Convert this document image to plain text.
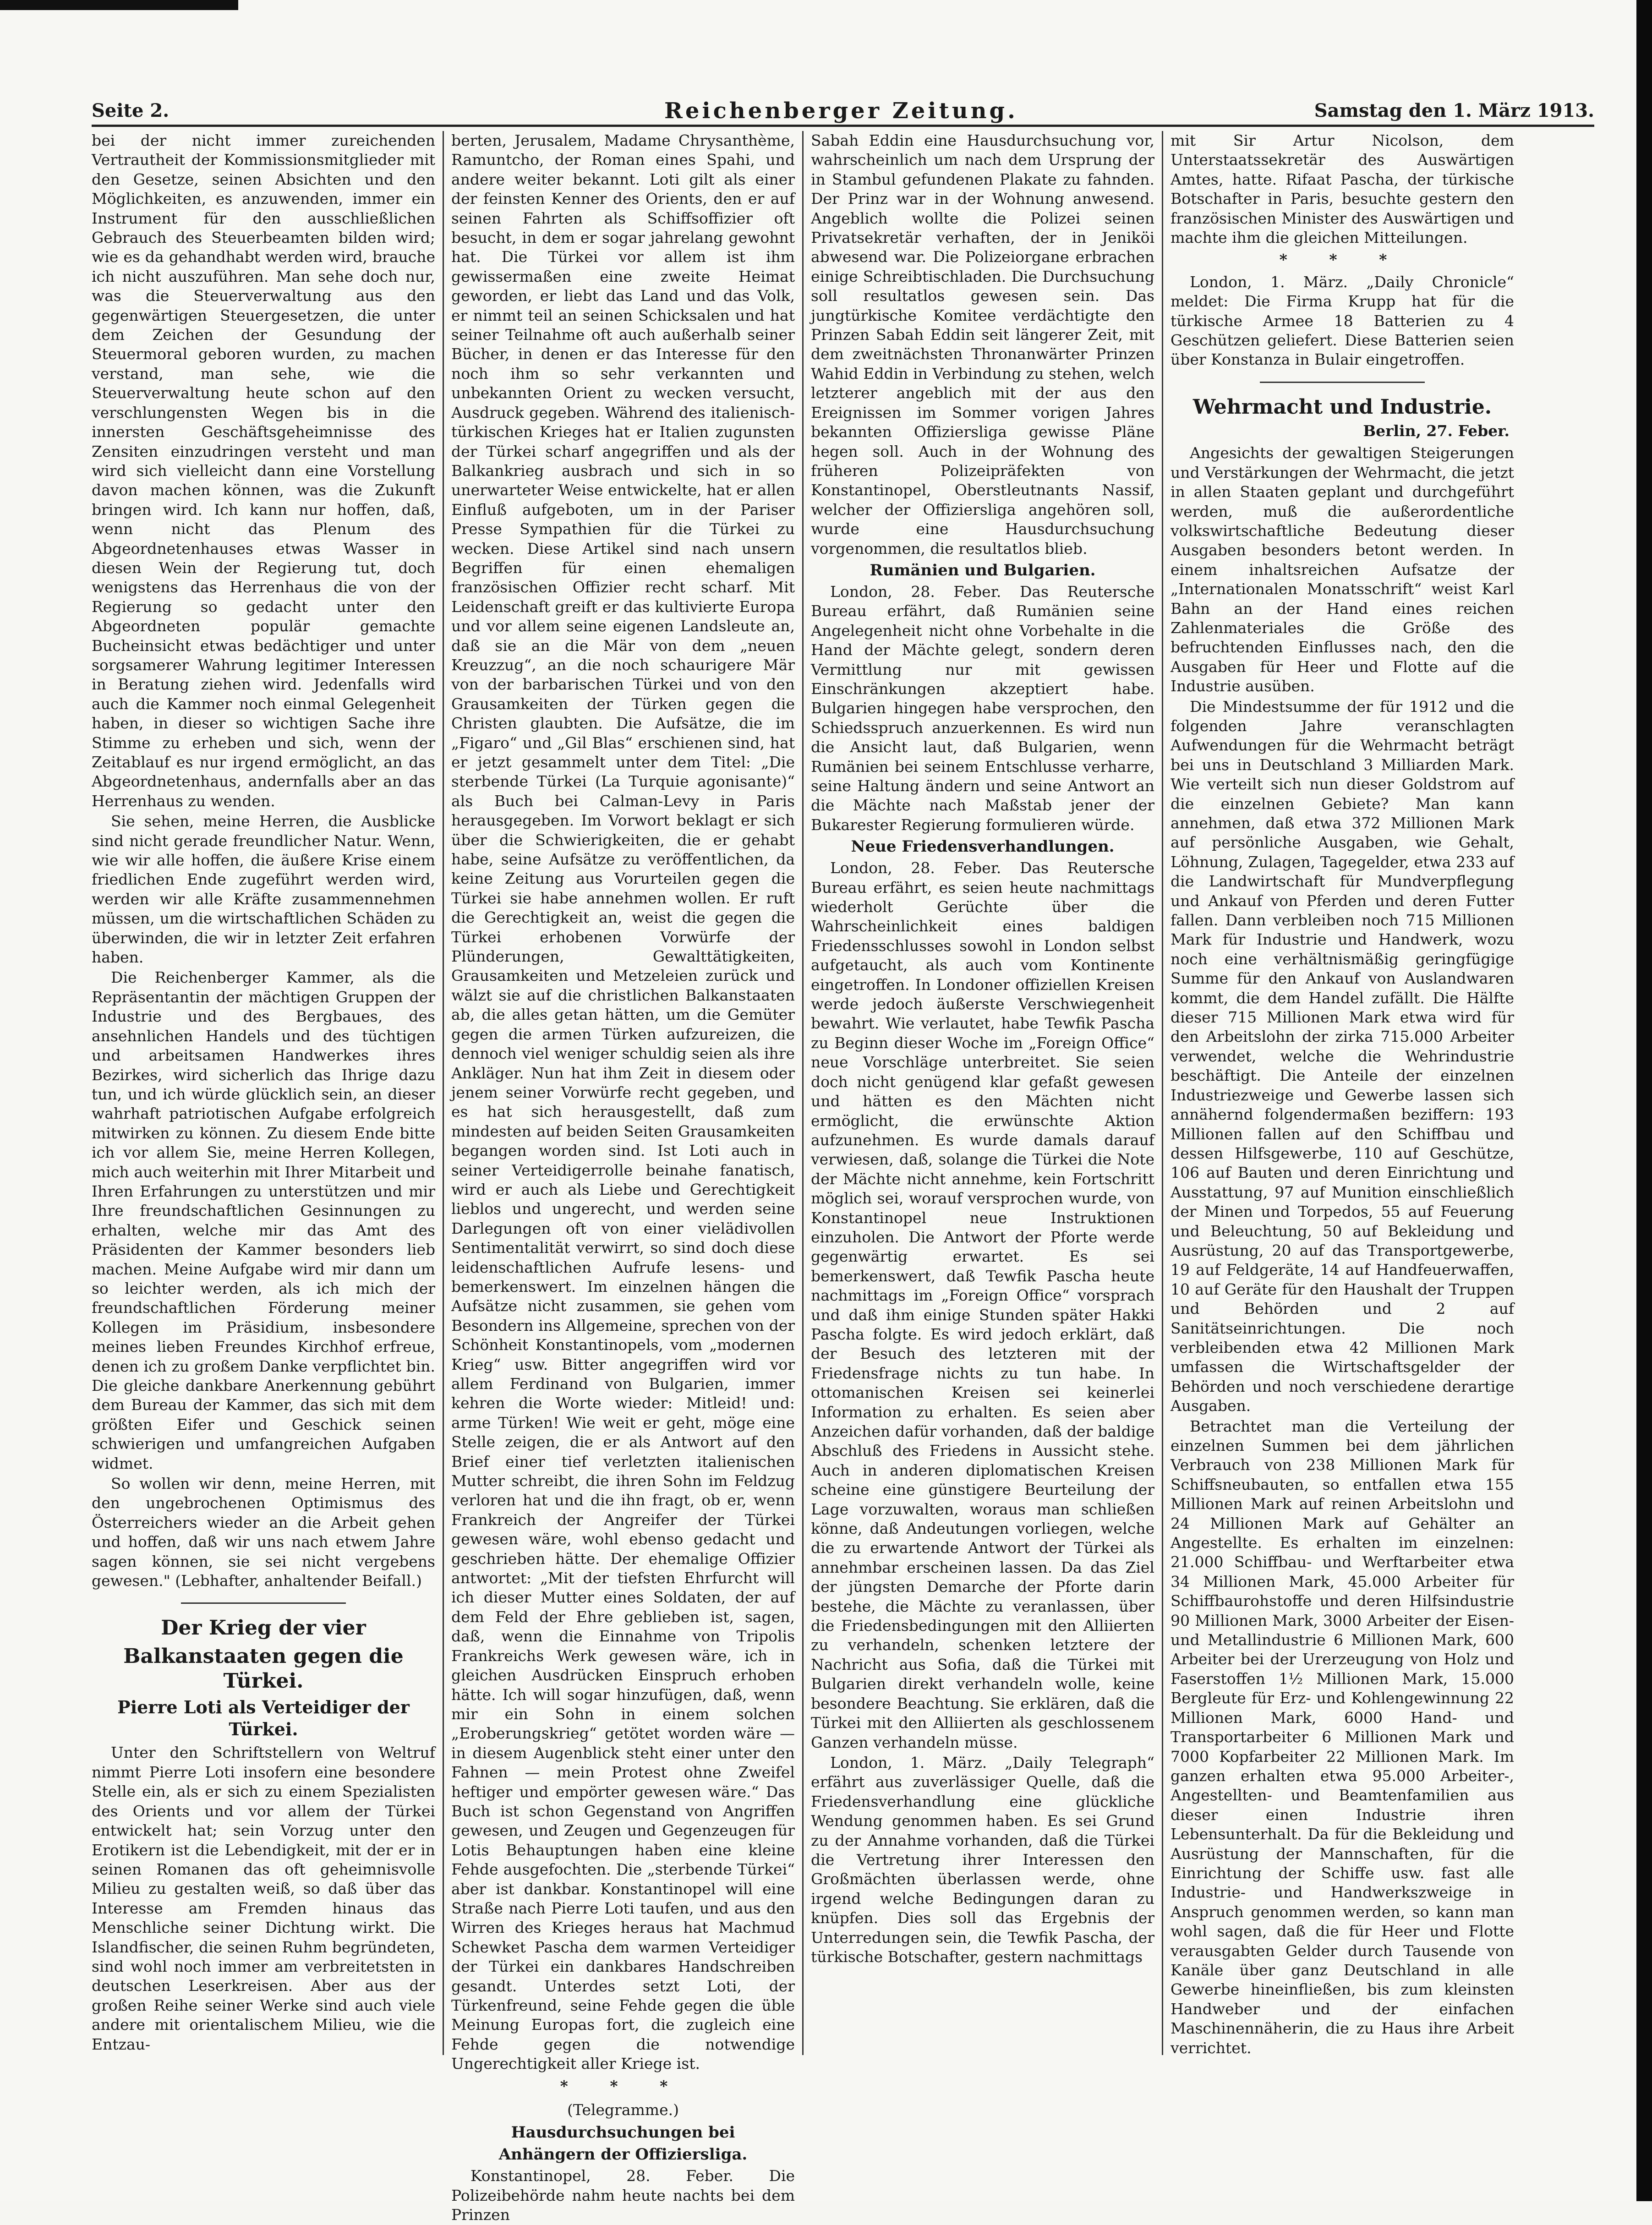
Seite 2.	Reichenberger Zeitung.	Samstag den 1. März 1913.

bei der nicht immer zureichenden Vertrautheit der Kommissionsmitglieder mit den Gesetze, seinen Absichten und den Möglichkeiten, es anzuwenden, immer ein Instrument für den ausschließlichen Gebrauch des Steuerbeamten bilden wird; wie es da gehandhabt werden wird, brauche ich nicht auszuführen. Man sehe doch nur, was die Steuerverwaltung aus den gegenwärtigen Steuergesetzen, die unter dem Zeichen der Gesundung der Steuermoral geboren wurden, zu machen verstand, man sehe, wie die Steuerverwaltung heute schon auf den verschlungensten Wegen bis in die innersten Geschäftsgeheimnisse des Zensiten einzudringen versteht und man wird sich vielleicht dann eine Vorstellung davon machen können, was die Zukunft bringen wird. Ich kann nur hoffen, daß, wenn nicht das Plenum des Abgeordnetenhauses etwas Wasser in diesen Wein der Regierung tut, doch wenigstens das Herrenhaus die von der Regierung so gedacht unter den Abgeordneten populär gemachte Bucheinsicht etwas bedächtiger und unter sorgsamerer Wahrung legitimer Interessen in Beratung ziehen wird. Jedenfalls wird auch die Kammer noch einmal Gelegenheit haben, in dieser so wichtigen Sache ihre Stimme zu erheben und sich, wenn der Zeitablauf es nur irgend ermöglicht, an das Abgeordnetenhaus, andernfalls aber an das Herrenhaus zu wenden.

Sie sehen, meine Herren, die Ausblicke sind nicht gerade freundlicher Natur. Wenn, wie wir alle hoffen, die äußere Krise einem friedlichen Ende zugeführt werden wird, werden wir alle Kräfte zusammennehmen müssen, um die wirtschaftlichen Schäden zu überwinden, die wir in letzter Zeit erfahren haben.

Die Reichenberger Kammer, als die Repräsentantin der mächtigen Gruppen der Industrie und des Bergbaues, des ansehnlichen Handels und des tüchtigen und arbeitsamen Handwerkes ihres Bezirkes, wird sicherlich das Ihrige dazu tun, und ich würde glücklich sein, an dieser wahrhaft patriotischen Aufgabe erfolgreich mitwirken zu können. Zu diesem Ende bitte ich vor allem Sie, meine Herren Kollegen, mich auch weiterhin mit Ihrer Mitarbeit und Ihren Erfahrungen zu unterstützen und mir Ihre freundschaftlichen Gesinnungen zu erhalten, welche mir das Amt des Präsidenten der Kammer besonders lieb machen. Meine Aufgabe wird mir dann um so leichter werden, als ich mich der freundschaftlichen Förderung meiner Kollegen im Präsidium, insbesondere meines lieben Freundes Kirchhof erfreue, denen ich zu großem Danke verpflichtet bin. Die gleiche dankbare Anerkennung gebührt dem Bureau der Kammer, das sich mit dem größten Eifer und Geschick seinen schwierigen und umfangreichen Aufgaben widmet.

So wollen wir denn, meine Herren, mit den ungebrochenen Optimismus des Österreichers wieder an die Arbeit gehen und hoffen, daß wir uns nach etwem Jahre sagen können, sie sei nicht vergebens gewesen." (Lebhafter, anhaltender Beifall.)

Der Krieg der vier
Balkanstaaten gegen die Türkei.
Pierre Loti als Verteidiger der Türkei.

Unter den Schriftstellern von Weltruf nimmt Pierre Loti insofern eine besondere Stelle ein, als er sich zu einem Spezialisten des Orients und vor allem der Türkei entwickelt hat; sein Vorzug unter den Erotikern ist die Lebendigkeit, mit der er in seinen Romanen das oft geheimnisvolle Milieu zu gestalten weiß, so daß über das Interesse am Fremden hinaus das Menschliche seiner Dichtung wirkt. Die Islandfischer, die seinen Ruhm begründeten, sind wohl noch immer am verbreitetsten in deutschen Leserkreisen. Aber aus der großen Reihe seiner Werke sind auch viele andere mit orientalischem Milieu, wie die Entzau-

berten, Jerusalem, Madame Chrysanthème, Ramuntcho, der Roman eines Spahi, und andere weiter bekannt. Loti gilt als einer der feinsten Kenner des Orients, den er auf seinen Fahrten als Schiffsoffizier oft besucht, in dem er sogar jahrelang gewohnt hat. Die Türkei vor allem ist ihm gewissermaßen eine zweite Heimat geworden, er liebt das Land und das Volk, er nimmt teil an seinen Schicksalen und hat seiner Teilnahme oft auch außerhalb seiner Bücher, in denen er das Interesse für den noch ihm so sehr verkannten und unbekannten Orient zu wecken versucht, Ausdruck gegeben. Während des italienisch-türkischen Krieges hat er Italien zugunsten der Türkei scharf angegriffen und als der Balkankrieg ausbrach und sich in so unerwarteter Weise entwickelte, hat er allen Einfluß aufgeboten, um in der Pariser Presse Sympathien für die Türkei zu wecken. Diese Artikel sind nach unsern Begriffen für einen ehemaligen französischen Offizier recht scharf. Mit Leidenschaft greift er das kultivierte Europa und vor allem seine eigenen Landsleute an, daß sie an die Mär von dem „neuen Kreuzzug“, an die noch schaurigere Mär von der barbarischen Türkei und von den Grausamkeiten der Türken gegen die Christen glaubten. Die Aufsätze, die im „Figaro“ und „Gil Blas“ erschienen sind, hat er jetzt gesammelt unter dem Titel: „Die sterbende Türkei (La Turquie agonisante)“ als Buch bei Calman-Levy in Paris herausgegeben. Im Vorwort beklagt er sich über die Schwierigkeiten, die er gehabt habe, seine Aufsätze zu veröffentlichen, da keine Zeitung aus Vorurteilen gegen die Türkei sie habe annehmen wollen. Er ruft die Gerechtigkeit an, weist die gegen die Türkei erhobenen Vorwürfe der Plünderungen, Gewalttätigkeiten, Grausamkeiten und Metzeleien zurück und wälzt sie auf die christlichen Balkanstaaten ab, die alles getan hätten, um die Gemüter gegen die armen Türken aufzureizen, die dennoch viel weniger schuldig seien als ihre Ankläger. Nun hat ihm Zeit in diesem oder jenem seiner Vorwürfe recht gegeben, und es hat sich herausgestellt, daß zum mindesten auf beiden Seiten Grausamkeiten begangen worden sind. Ist Loti auch in seiner Verteidigerrolle beinahe fanatisch, wird er auch als Liebe und Gerechtigkeit lieblos und ungerecht, und werden seine Darlegungen oft von einer vielädivollen Sentimentalität verwirrt, so sind doch diese leidenschaftlichen Aufrufe lesens- und bemerkenswert. Im einzelnen hängen die Aufsätze nicht zusammen, sie gehen vom Besondern ins Allgemeine, sprechen von der Schönheit Konstantinopels, vom „modernen Krieg“ usw. Bitter angegriffen wird vor allem Ferdinand von Bulgarien, immer kehren die Worte wieder: Mitleid! und: arme Türken! Wie weit er geht, möge eine Stelle zeigen, die er als Antwort auf den Brief einer tief verletzten italienischen Mutter schreibt, die ihren Sohn im Feldzug verloren hat und die ihn fragt, ob er, wenn Frankreich der Angreifer der Türkei gewesen wäre, wohl ebenso gedacht und geschrieben hätte. Der ehemalige Offizier antwortet: „Mit der tiefsten Ehrfurcht will ich dieser Mutter eines Soldaten, der auf dem Feld der Ehre geblieben ist, sagen, daß, wenn die Einnahme von Tripolis Frankreichs Werk gewesen wäre, ich in gleichen Ausdrücken Einspruch erhoben hätte. Ich will sogar hinzufügen, daß, wenn mir ein Sohn in einem solchen „Eroberungskrieg“ getötet worden wäre — in diesem Augenblick steht einer unter den Fahnen — mein Protest ohne Zweifel heftiger und empörter gewesen wäre.“ Das Buch ist schon Gegenstand von Angriffen gewesen, und Zeugen und Gegenzeugen für Lotis Behauptungen haben eine kleine Fehde ausgefochten. Die „sterbende Türkei“ aber ist dankbar. Konstantinopel will eine Straße nach Pierre Loti taufen, und aus den Wirren des Krieges heraus hat Machmud Schewket Pascha dem warmen Verteidiger der Türkei ein dankbares Handschreiben gesandt. Unterdes setzt Loti, der Türkenfreund, seine Fehde gegen die üble Meinung Europas fort, die zugleich eine Fehde gegen die notwendige Ungerechtigkeit aller Kriege ist.

* * *
(Telegramme.)
Hausdurchsuchungen bei
Anhängern der Offiziersliga.

Konstantinopel, 28. Feber. Die Polizeibehörde nahm heute nachts bei dem Prinzen

Sabah Eddin eine Hausdurchsuchung vor, wahrscheinlich um nach dem Ursprung der in Stambul gefundenen Plakate zu fahnden. Der Prinz war in der Wohnung anwesend. Angeblich wollte die Polizei seinen Privatsekretär verhaften, der in Jeniköi abwesend war. Die Polizeiorgane erbrachen einige Schreibtischladen. Die Durchsuchung soll resultatlos gewesen sein. Das jungtürkische Komitee verdächtigte den Prinzen Sabah Eddin seit längerer Zeit, mit dem zweitnächsten Thronanwärter Prinzen Wahid Eddin in Verbindung zu stehen, welch letzterer angeblich mit der aus den Ereignissen im Sommer vorigen Jahres bekannten Offiziersliga gewisse Pläne hegen soll. Auch in der Wohnung des früheren Polizeipräfekten von Konstantinopel, Oberstleutnants Nassif, welcher der Offiziersliga angehören soll, wurde eine Hausdurchsuchung vorgenommen, die resultatlos blieb.

Rumänien und Bulgarien.

London, 28. Feber. Das Reutersche Bureau erfährt, daß Rumänien seine Angelegenheit nicht ohne Vorbehalte in die Hand der Mächte gelegt, sondern deren Vermittlung nur mit gewissen Einschränkungen akzeptiert habe. Bulgarien hingegen habe versprochen, den Schiedsspruch anzuerkennen. Es wird nun die Ansicht laut, daß Bulgarien, wenn Rumänien bei seinem Entschlusse verharre, seine Haltung ändern und seine Antwort an die Mächte nach Maßstab jener der Bukarester Regierung formulieren würde.

Neue Friedensverhandlungen.

London, 28. Feber. Das Reutersche Bureau erfährt, es seien heute nachmittags wiederholt Gerüchte über die Wahrscheinlichkeit eines baldigen Friedensschlusses sowohl in London selbst aufgetaucht, als auch vom Kontinente eingetroffen. In Londoner offiziellen Kreisen werde jedoch äußerste Verschwiegenheit bewahrt. Wie verlautet, habe Tewfik Pascha zu Beginn dieser Woche im „Foreign Office“ neue Vorschläge unterbreitet. Sie seien doch nicht genügend klar gefaßt gewesen und hätten es den Mächten nicht ermöglicht, die erwünschte Aktion aufzunehmen. Es wurde damals darauf verwiesen, daß, solange die Türkei die Note der Mächte nicht annehme, kein Fortschritt möglich sei, worauf versprochen wurde, von Konstantinopel neue Instruktionen einzuholen. Die Antwort der Pforte werde gegenwärtig erwartet. Es sei bemerkenswert, daß Tewfik Pascha heute nachmittags im „Foreign Office“ vorsprach und daß ihm einige Stunden später Hakki Pascha folgte. Es wird jedoch erklärt, daß der Besuch des letzteren mit der Friedensfrage nichts zu tun habe. In ottomanischen Kreisen sei keinerlei Information zu erhalten. Es seien aber Anzeichen dafür vorhanden, daß der baldige Abschluß des Friedens in Aussicht stehe. Auch in anderen diplomatischen Kreisen scheine eine günstigere Beurteilung der Lage vorzuwalten, woraus man schließen könne, daß Andeutungen vorliegen, welche die zu erwartende Antwort der Türkei als annehmbar erscheinen lassen. Da das Ziel der jüngsten Demarche der Pforte darin bestehe, die Mächte zu veranlassen, über die Friedensbedingungen mit den Alliierten zu verhandeln, schenken letztere der Nachricht aus Sofia, daß die Türkei mit Bulgarien direkt verhandeln wolle, keine besondere Beachtung. Sie erklären, daß die Türkei mit den Alliierten als geschlossenem Ganzen verhandeln müsse.

London, 1. März. „Daily Telegraph“ erfährt aus zuverlässiger Quelle, daß die Friedensverhandlung eine glückliche Wendung genommen haben. Es sei Grund zu der Annahme vorhanden, daß die Türkei die Vertretung ihrer Interessen den Großmächten überlassen werde, ohne irgend welche Bedingungen daran zu knüpfen. Dies soll das Ergebnis der Unterredungen sein, die Tewfik Pascha, der türkische Botschafter, gestern nachmittags

mit Sir Artur Nicolson, dem Unterstaatssekretär des Auswärtigen Amtes, hatte. Rifaat Pascha, der türkische Botschafter in Paris, besuchte gestern den französischen Minister des Auswärtigen und machte ihm die gleichen Mitteilungen.

* * *

London, 1. März. „Daily Chronicle“ meldet: Die Firma Krupp hat für die türkische Armee 18 Batterien zu 4 Geschützen geliefert. Diese Batterien seien über Konstanza in Bulair eingetroffen.

Wehrmacht und Industrie.
Berlin, 27. Feber.

Angesichts der gewaltigen Steigerungen und Verstärkungen der Wehrmacht, die jetzt in allen Staaten geplant und durchgeführt werden, muß die außerordentliche volkswirtschaftliche Bedeutung dieser Ausgaben besonders betont werden. In einem inhaltsreichen Aufsatze der „Internationalen Monatsschrift“ weist Karl Bahn an der Hand eines reichen Zahlenmateriales die Größe des befruchtenden Einflusses nach, den die Ausgaben für Heer und Flotte auf die Industrie ausüben.

Die Mindestsumme der für 1912 und die folgenden Jahre veranschlagten Aufwendungen für die Wehrmacht beträgt bei uns in Deutschland 3 Milliarden Mark. Wie verteilt sich nun dieser Goldstrom auf die einzelnen Gebiete? Man kann annehmen, daß etwa 372 Millionen Mark auf persönliche Ausgaben, wie Gehalt, Löhnung, Zulagen, Tagegelder, etwa 233 auf die Landwirtschaft für Mundverpflegung und Ankauf von Pferden und deren Futter fallen. Dann verbleiben noch 715 Millionen Mark für Industrie und Handwerk, wozu noch eine verhältnismäßig geringfügige Summe für den Ankauf von Auslandwaren kommt, die dem Handel zufällt. Die Hälfte dieser 715 Millionen Mark etwa wird für den Arbeitslohn der zirka 715.000 Arbeiter verwendet, welche die Wehrindustrie beschäftigt. Die Anteile der einzelnen Industriezweige und Gewerbe lassen sich annähernd folgendermaßen beziffern: 193 Millionen fallen auf den Schiffbau und dessen Hilfsgewerbe, 110 auf Geschütze, 106 auf Bauten und deren Einrichtung und Ausstattung, 97 auf Munition einschließlich der Minen und Torpedos, 55 auf Feuerung und Beleuchtung, 50 auf Bekleidung und Ausrüstung, 20 auf das Transportgewerbe, 19 auf Feldgeräte, 14 auf Handfeuerwaffen, 10 auf Geräte für den Haushalt der Truppen und Behörden und 2 auf Sanitätseinrichtungen. Die noch verbleibenden etwa 42 Millionen Mark umfassen die Wirtschaftsgelder der Behörden und noch verschiedene derartige Ausgaben.

Betrachtet man die Verteilung der einzelnen Summen bei dem jährlichen Verbrauch von 238 Millionen Mark für Schiffsneubauten, so entfallen etwa 155 Millionen Mark auf reinen Arbeitslohn und 24 Millionen Mark auf Gehälter an Angestellte. Es erhalten im einzelnen: 21.000 Schiffbau- und Werftarbeiter etwa 34 Millionen Mark, 45.000 Arbeiter für Schiffbaurohstoffe und deren Hilfsindustrie 90 Millionen Mark, 3000 Arbeiter der Eisen- und Metallindustrie 6 Millionen Mark, 600 Arbeiter bei der Urerzeugung von Holz und Faserstoffen 1½ Millionen Mark, 15.000 Bergleute für Erz- und Kohlengewinnung 22 Millionen Mark, 6000 Hand- und Transportarbeiter 6 Millionen Mark und 7000 Kopfarbeiter 22 Millionen Mark. Im ganzen erhalten etwa 95.000 Arbeiter-, Angestellten- und Beamtenfamilien aus dieser einen Industrie ihren Lebensunterhalt. Da für die Bekleidung und Ausrüstung der Mannschaften, für die Einrichtung der Schiffe usw. fast alle Industrie- und Handwerkszweige in Anspruch genommen werden, so kann man wohl sagen, daß die für Heer und Flotte verausgabten Gelder durch Tausende von Kanäle über ganz Deutschland in alle Gewerbe hineinfließen, bis zum kleinsten Handweber und der einfachen Maschinennäherin, die zu Haus ihre Arbeit verrichtet.
